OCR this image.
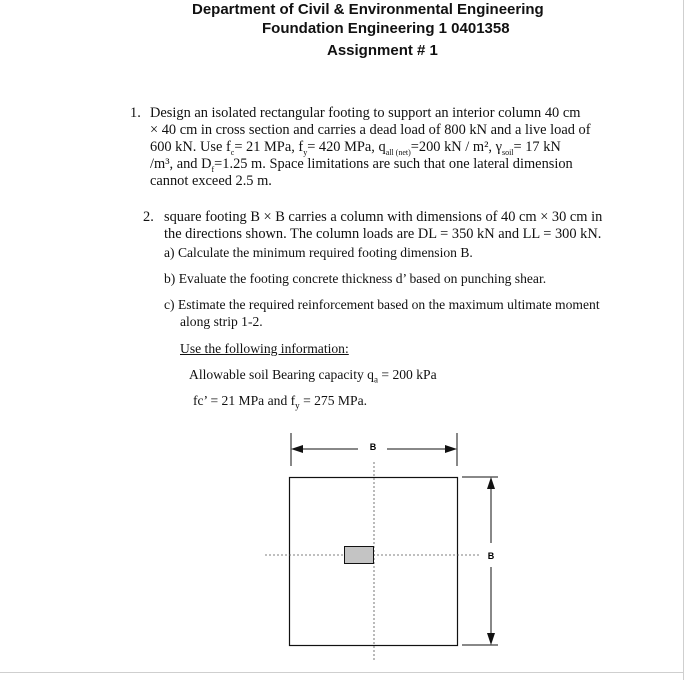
Department of Civil & Environmental Engineering
Foundation Engineering 1 0401358
Assignment # 1
1. Design an isolated rectangular footing to support an interior column 40 cm
× 40 cm in cross section and carries a dead load of 800 kN and a live load of
600 kN. Use $f_c= 21$ MPa, $f_y= 420$ MPa, $q_{all (net)}=200$ kN / m², $\gamma_{soil}= 17$ kN
/m³, and $D_f=1.25$ m. Space limitations are such that one lateral dimension
cannot exceed 2.5 m.
2. square footing B × B carries a column with dimensions of 40 cm × 30 cm in
the directions shown. The column loads are DL = 350 kN and LL = 300 kN.
a) Calculate the minimum required footing dimension B.
b) Evaluate the footing concrete thickness d’ based on punching shear.
c) Estimate the required reinforcement based on the maximum ultimate moment
along strip 1-2.
Use the following information:
Allowable soil Bearing capacity $q_a = 200$ kPa
fc’ = 21 MPa and $f_y = 275$ MPa.
B
B
